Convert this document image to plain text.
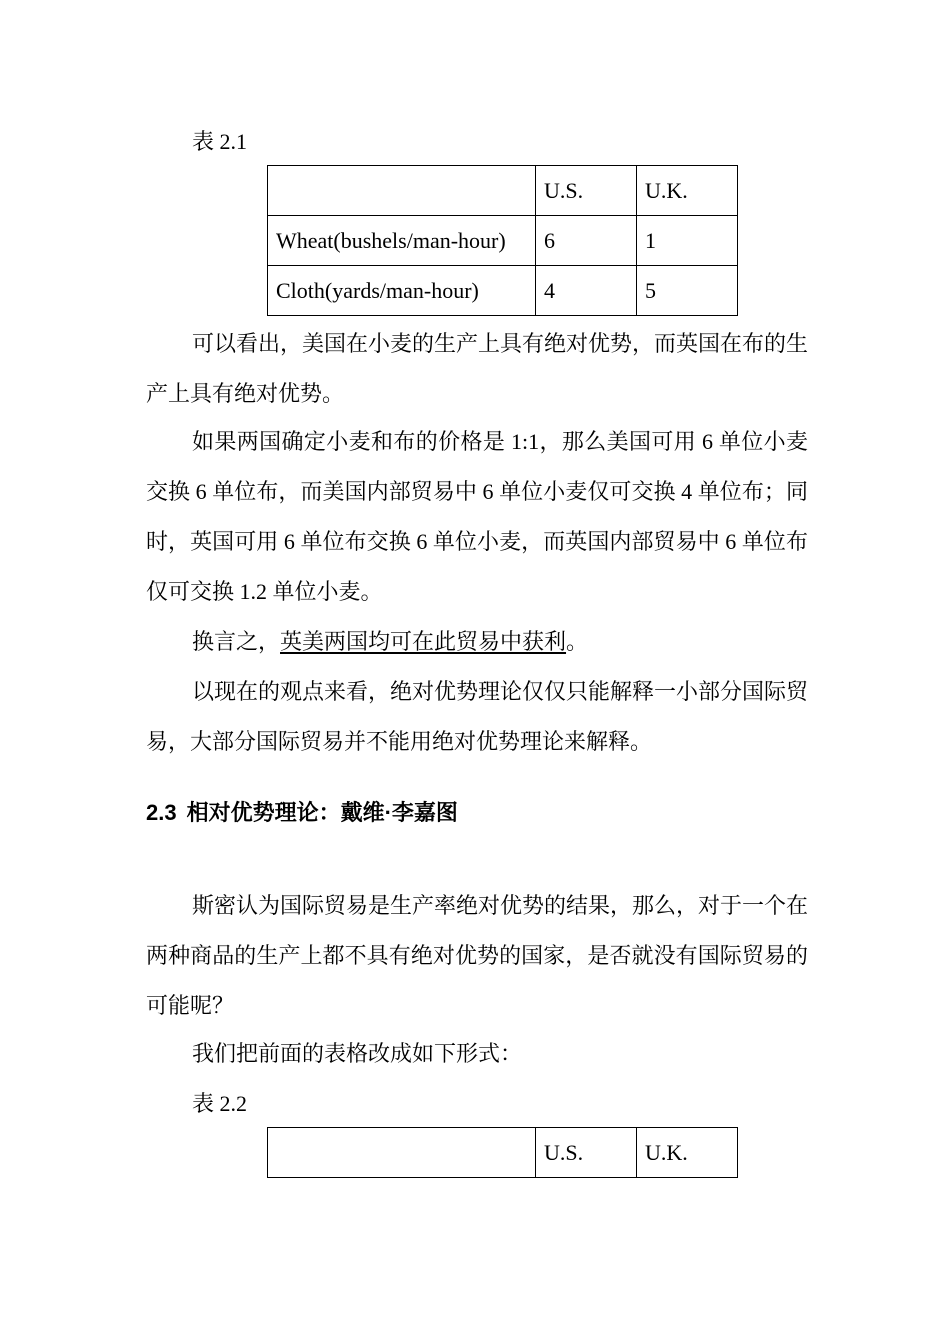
表 2.1
	U.S.	U.K.
Wheat(bushels/man-hour)	6	1
Cloth(yards/man-hour)	4	5

可以看出，美国在小麦的生产上具有绝对优势，而英国在布的生产上具有绝对优势。

如果两国确定小麦和布的价格是 1:1，那么美国可用 6 单位小麦交换 6 单位布，而美国内部贸易中 6 单位小麦仅可交换 4 单位布；同时，英国可用 6 单位布交换 6 单位小麦，而英国内部贸易中 6 单位布仅可交换 1.2 单位小麦。

换言之，英美两国均可在此贸易中获利。

以现在的观点来看，绝对优势理论仅仅只能解释一小部分国际贸易，大部分国际贸易并不能用绝对优势理论来解释。

2.3 相对优势理论：戴维·李嘉图

斯密认为国际贸易是生产率绝对优势的结果，那么，对于一个在两种商品的生产上都不具有绝对优势的国家，是否就没有国际贸易的可能呢？

我们把前面的表格改成如下形式：

表 2.2
	U.S.	U.K.
